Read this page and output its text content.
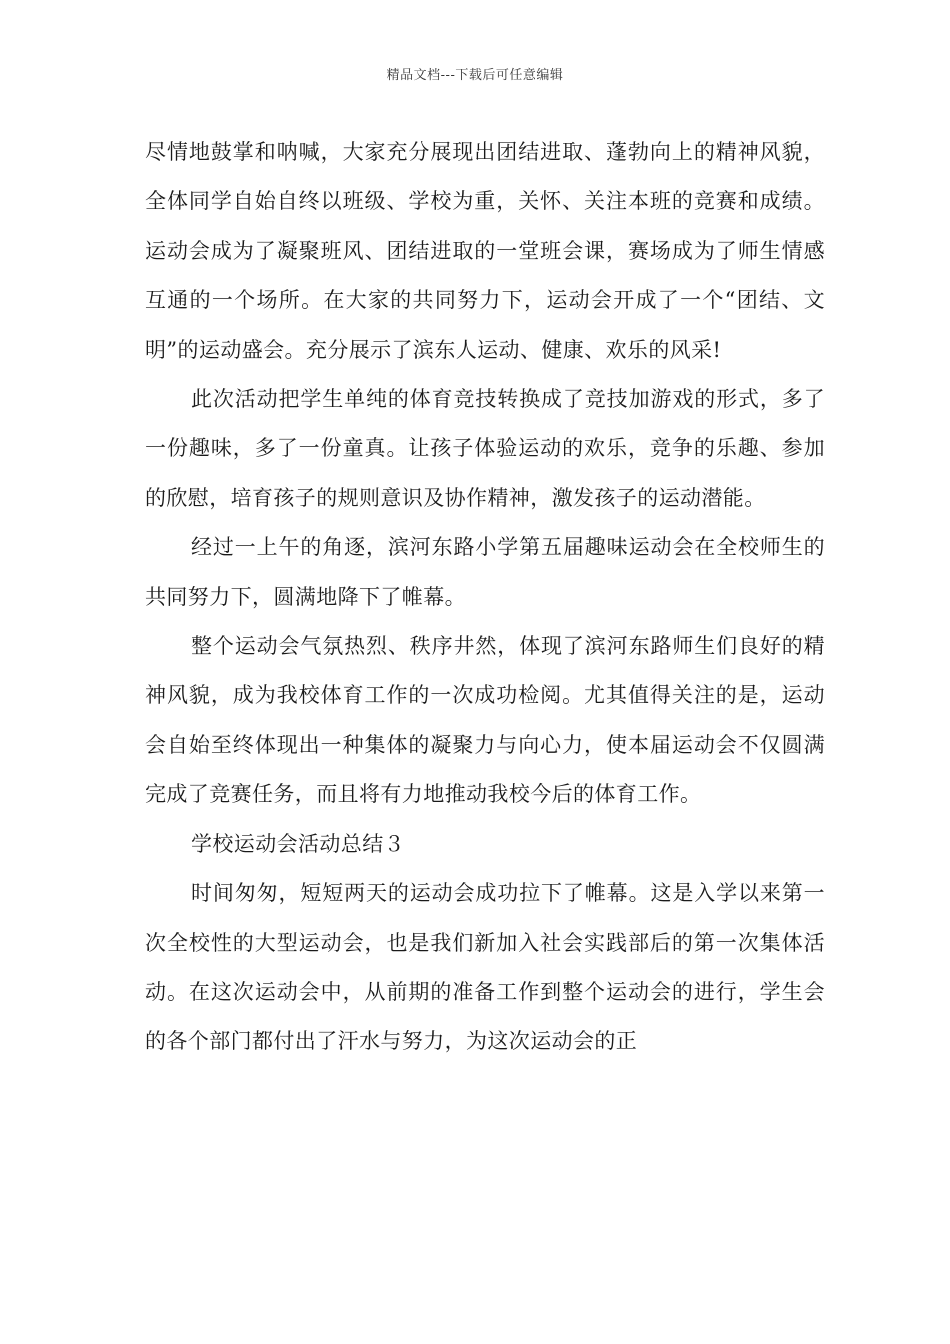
精品文档---下载后可任意编辑

尽情地鼓掌和呐喊，大家充分展现出团结进取、蓬勃向上的精神风貌，全体同学自始自终以班级、学校为重，关怀、关注本班的竞赛和成绩。运动会成为了凝聚班风、团结进取的一堂班会课，赛场成为了师生情感互通的一个场所。在大家的共同努力下，运动会开成了一个“团结、文明”的运动盛会。充分展示了滨东人运动、健康、欢乐的风采!

此次活动把学生单纯的体育竞技转换成了竞技加游戏的形式，多了一份趣味，多了一份童真。让孩子体验运动的欢乐，竞争的乐趣、参加的欣慰，培育孩子的规则意识及协作精神，激发孩子的运动潜能。

经过一上午的角逐，滨河东路小学第五届趣味运动会在全校师生的共同努力下，圆满地降下了帷幕。

整个运动会气氛热烈、秩序井然，体现了滨河东路师生们良好的精神风貌，成为我校体育工作的一次成功检阅。尤其值得关注的是，运动会自始至终体现出一种集体的凝聚力与向心力，使本届运动会不仅圆满完成了竞赛任务，而且将有力地推动我校今后的体育工作。

学校运动会活动总结３

时间匆匆，短短两天的运动会成功拉下了帷幕。这是入学以来第一次全校性的大型运动会，也是我们新加入社会实践部后的第一次集体活动。在这次运动会中，从前期的准备工作到整个运动会的进行，学生会的各个部门都付出了汗水与努力，为这次运动会的正
